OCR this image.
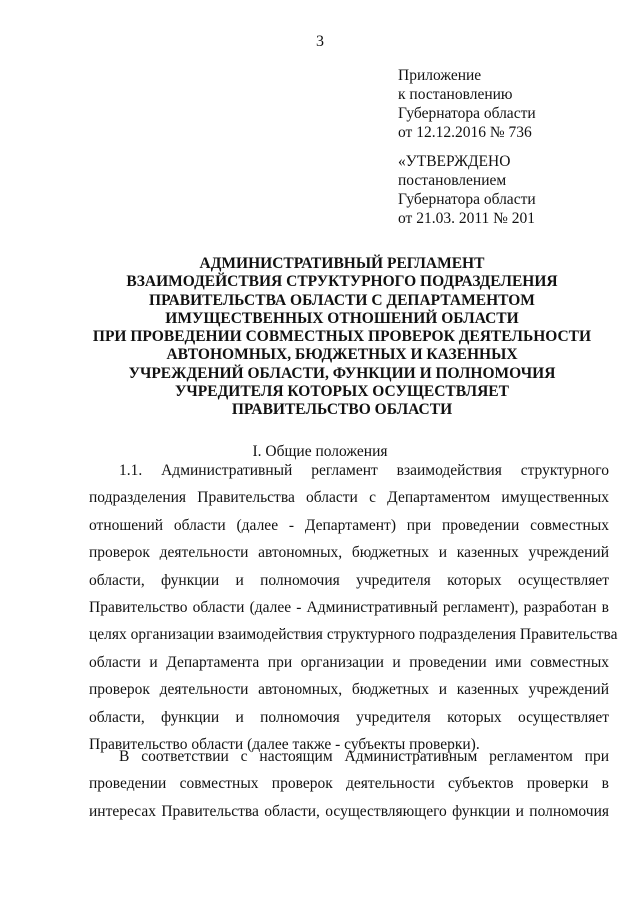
3
Приложение
к постановлению
Губернатора области
от 12.12.2016 № 736
«УТВЕРЖДЕНО
постановлением
Губернатора области
от 21.03. 2011 № 201
АДМИНИСТРАТИВНЫЙ РЕГЛАМЕНТ
ВЗАИМОДЕЙСТВИЯ СТРУКТУРНОГО ПОДРАЗДЕЛЕНИЯ
ПРАВИТЕЛЬСТВА ОБЛАСТИ С ДЕПАРТАМЕНТОМ
ИМУЩЕСТВЕННЫХ ОТНОШЕНИЙ ОБЛАСТИ
ПРИ ПРОВЕДЕНИИ СОВМЕСТНЫХ ПРОВЕРОК ДЕЯТЕЛЬНОСТИ
АВТОНОМНЫХ, БЮДЖЕТНЫХ И КАЗЕННЫХ
УЧРЕЖДЕНИЙ ОБЛАСТИ, ФУНКЦИИ И ПОЛНОМОЧИЯ
УЧРЕДИТЕЛЯ КОТОРЫХ ОСУЩЕСТВЛЯЕТ
ПРАВИТЕЛЬСТВО ОБЛАСТИ
I. Общие положения
1.1. Административный регламент взаимодействия структурного
подразделения Правительства области с Департаментом имущественных
отношений области (далее - Департамент) при проведении совместных
проверок деятельности автономных, бюджетных и казенных учреждений
области, функции и полномочия учредителя которых осуществляет
Правительство области (далее - Административный регламент), разработан в
целях организации взаимодействия структурного подразделения Правительства
области и Департамента при организации и проведении ими совместных
проверок деятельности автономных, бюджетных и казенных учреждений
области, функции и полномочия учредителя которых осуществляет
Правительство области (далее также - субъекты проверки).
В соответствии с настоящим Административным регламентом при
проведении совместных проверок деятельности субъектов проверки в
интересах Правительства области, осуществляющего функции и полномочия
